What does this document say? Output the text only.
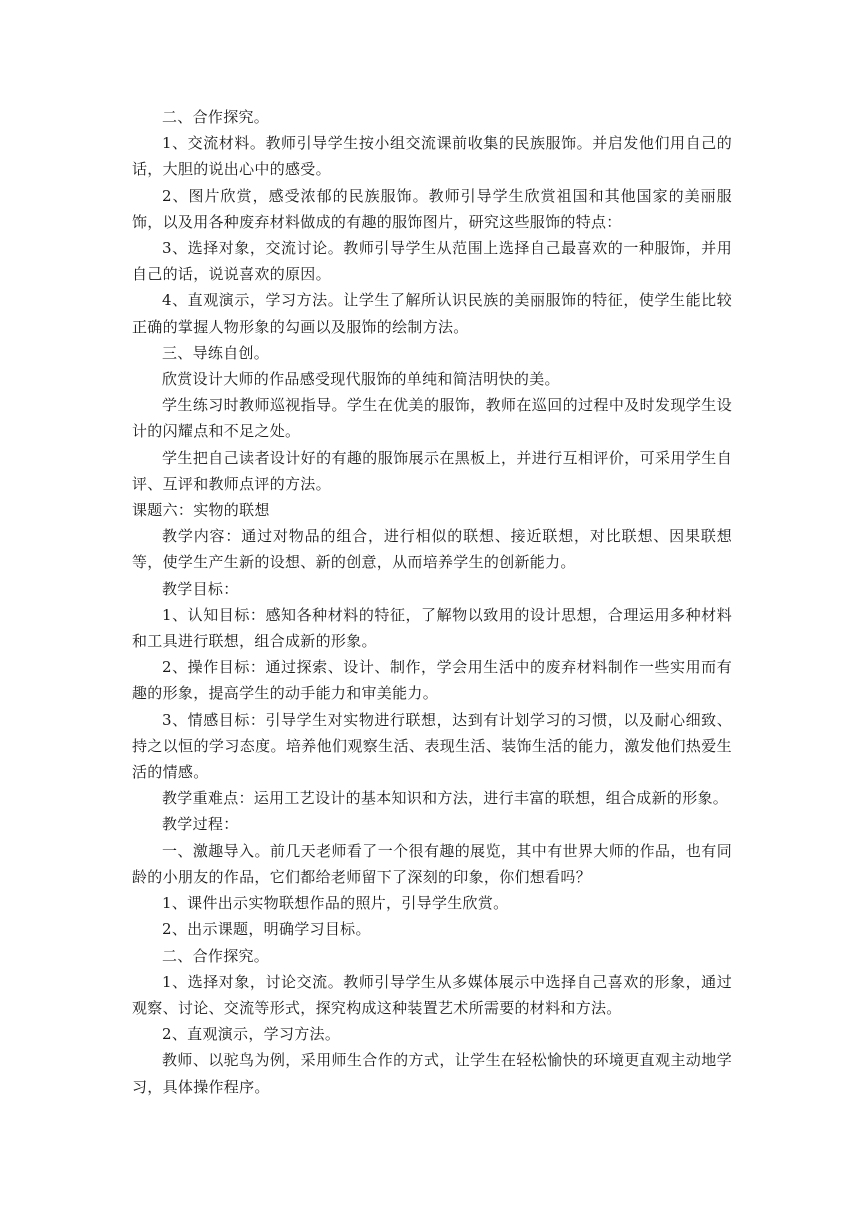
二、合作探究。

1、交流材料。教师引导学生按小组交流课前收集的民族服饰。并启发他们用自己的话，大胆的说出心中的感受。

2、图片欣赏，感受浓郁的民族服饰。教师引导学生欣赏祖国和其他国家的美丽服饰，以及用各种废弃材料做成的有趣的服饰图片，研究这些服饰的特点：

3、选择对象，交流讨论。教师引导学生从范围上选择自己最喜欢的一种服饰，并用自己的话，说说喜欢的原因。

4、直观演示，学习方法。让学生了解所认识民族的美丽服饰的特征，使学生能比较正确的掌握人物形象的勾画以及服饰的绘制方法。

三、导练自创。

欣赏设计大师的作品感受现代服饰的单纯和简洁明快的美。

学生练习时教师巡视指导。学生在优美的服饰，教师在巡回的过程中及时发现学生设计的闪耀点和不足之处。

学生把自己读者设计好的有趣的服饰展示在黑板上，并进行互相评价，可采用学生自评、互评和教师点评的方法。

课题六：实物的联想

教学内容：通过对物品的组合，进行相似的联想、接近联想，对比联想、因果联想等，使学生产生新的设想、新的创意，从而培养学生的创新能力。

教学目标：

1、认知目标：感知各种材料的特征，了解物以致用的设计思想，合理运用多种材料和工具进行联想，组合成新的形象。

2、操作目标：通过探索、设计、制作，学会用生活中的废弃材料制作一些实用而有趣的形象，提高学生的动手能力和审美能力。

3、情感目标：引导学生对实物进行联想，达到有计划学习的习惯，以及耐心细致、持之以恒的学习态度。培养他们观察生活、表现生活、装饰生活的能力，激发他们热爱生活的情感。

教学重难点：运用工艺设计的基本知识和方法，进行丰富的联想，组合成新的形象。

教学过程：

一、激趣导入。前几天老师看了一个很有趣的展览，其中有世界大师的作品，也有同龄的小朋友的作品，它们都给老师留下了深刻的印象，你们想看吗？

1、课件出示实物联想作品的照片，引导学生欣赏。

2、出示课题，明确学习目标。

二、合作探究。

1、选择对象，讨论交流。教师引导学生从多媒体展示中选择自己喜欢的形象，通过观察、讨论、交流等形式，探究构成这种装置艺术所需要的材料和方法。

2、直观演示，学习方法。

教师、以驼鸟为例，采用师生合作的方式，让学生在轻松愉快的环境更直观主动地学习，具体操作程序。
